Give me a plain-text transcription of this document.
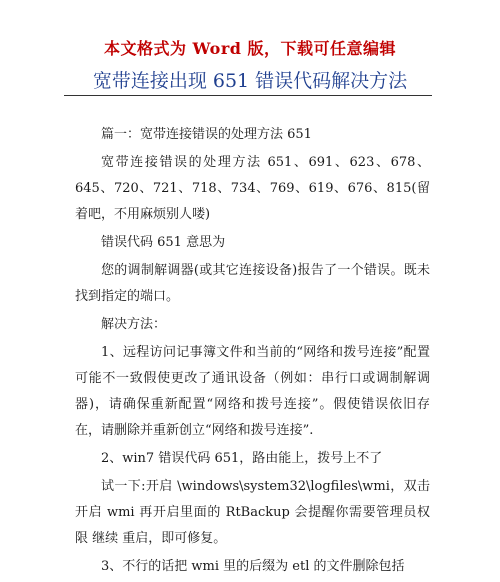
本文格式为 Word 版，下载可任意编辑
宽带连接出现 651 错误代码解决方法

篇一：宽带连接错误的处理方法 651

宽带连接错误的处理方法 651、691、623、678、645、720、721、718、734、769、619、676、815(留着吧，不用麻烦别人喽)

错误代码 651 意思为

您的调制解调器(或其它连接设备)报告了一个错误。既未找到指定的端口。

解决方法：

1、远程访问记事簿文件和当前的“网络和拨号连接”配置可能不一致假使更改了通讯设备（例如：串行口或调制解调器)，请确保重新配置“网络和拨号连接”。假使错误依旧存在，请删除并重新创立“网络和拨号连接”.

2、win7 错误代码 651，路由能上，拨号上不了

试一下:开启 \windows\system32\logfiles\wmi，双击开启 wmi 再开启里面的 RtBackup 会提醒你需要管理员权限 继续 重启，即可修复。

3、不行的话把 wmi 里的后缀为 etl 的文件删除包括
